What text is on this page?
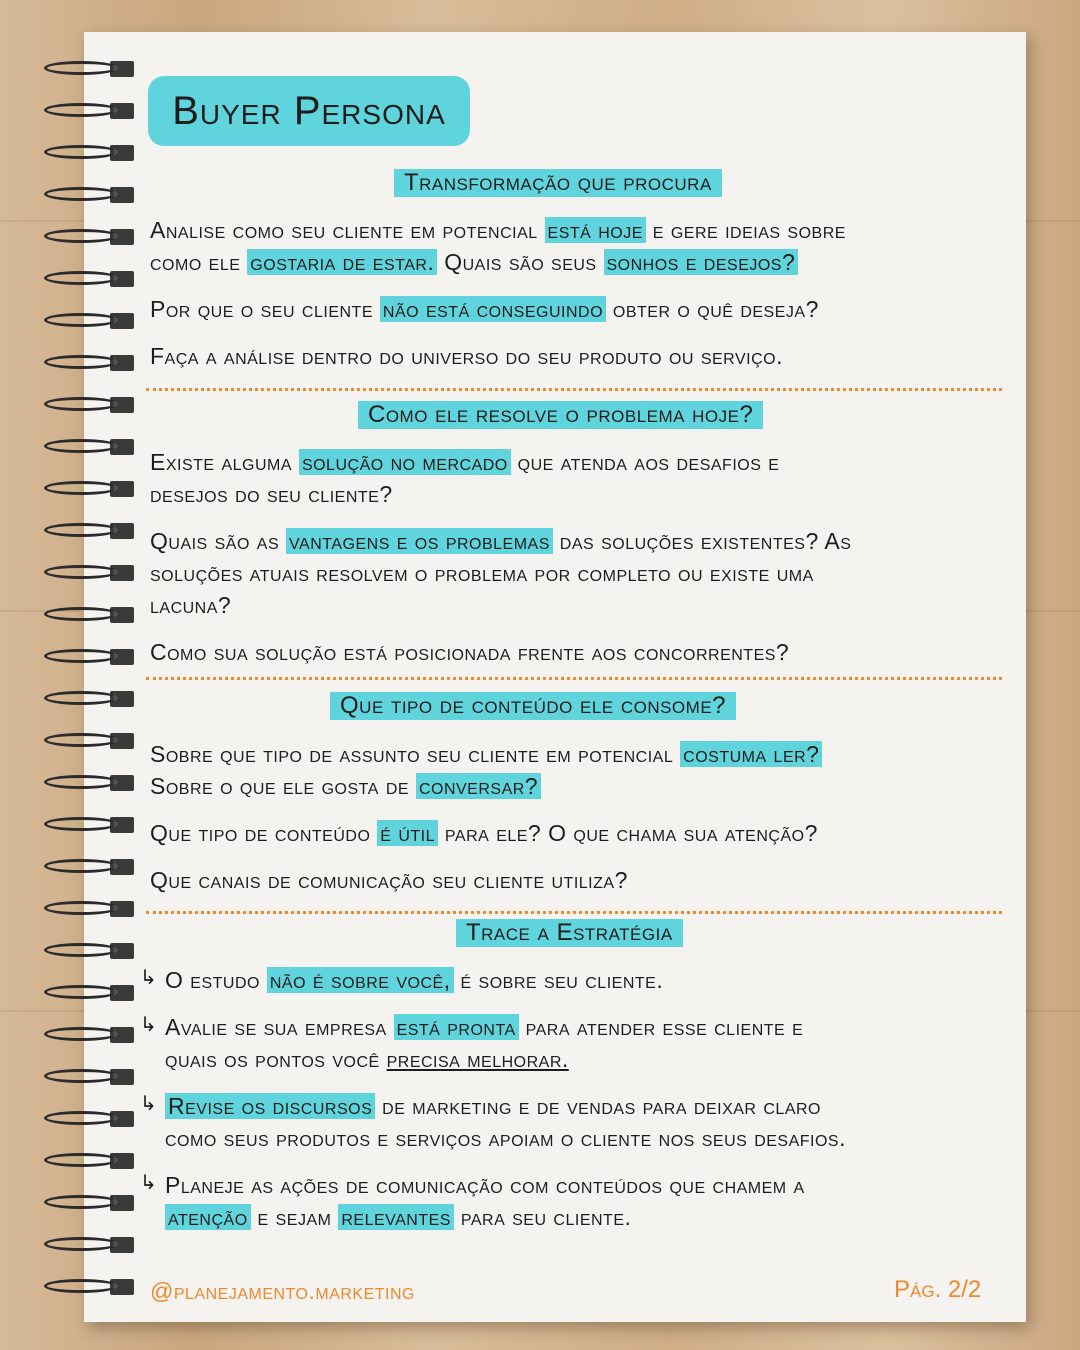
Buyer Persona
Transformação que procura
Analise como seu cliente em potencial está hoje e gere ideias sobre
como ele gostaria de estar. Quais são seus sonhos e desejos?
Por que o seu cliente não está conseguindo obter o quê deseja?
Faça a análise dentro do universo do seu produto ou serviço.
Como ele resolve o problema hoje?
Existe alguma solução no mercado que atenda aos desafios e
desejos do seu cliente?
Quais são as vantagens e os problemas das soluções existentes? As
soluções atuais resolvem o problema por completo ou existe uma
lacuna?
Como sua solução está posicionada frente aos concorrentes?
Que tipo de conteúdo ele consome?
Sobre que tipo de assunto seu cliente em potencial costuma ler?
Sobre o que ele gosta de conversar?
Que tipo de conteúdo é útil para ele? O que chama sua atenção?
Que canais de comunicação seu cliente utiliza?
Trace a Estratégia
↳ O estudo não é sobre você, é sobre seu cliente.
↳ Avalie se sua empresa está pronta para atender esse cliente e
quais os pontos você precisa melhorar.
↳ Revise os discursos de marketing e de vendas para deixar claro
como seus produtos e serviços apoiam o cliente nos seus desafios.
↳ Planeje as ações de comunicação com conteúdos que chamem a
atenção e sejam relevantes para seu cliente.
@planejamento.marketing	Pág. 2/2
